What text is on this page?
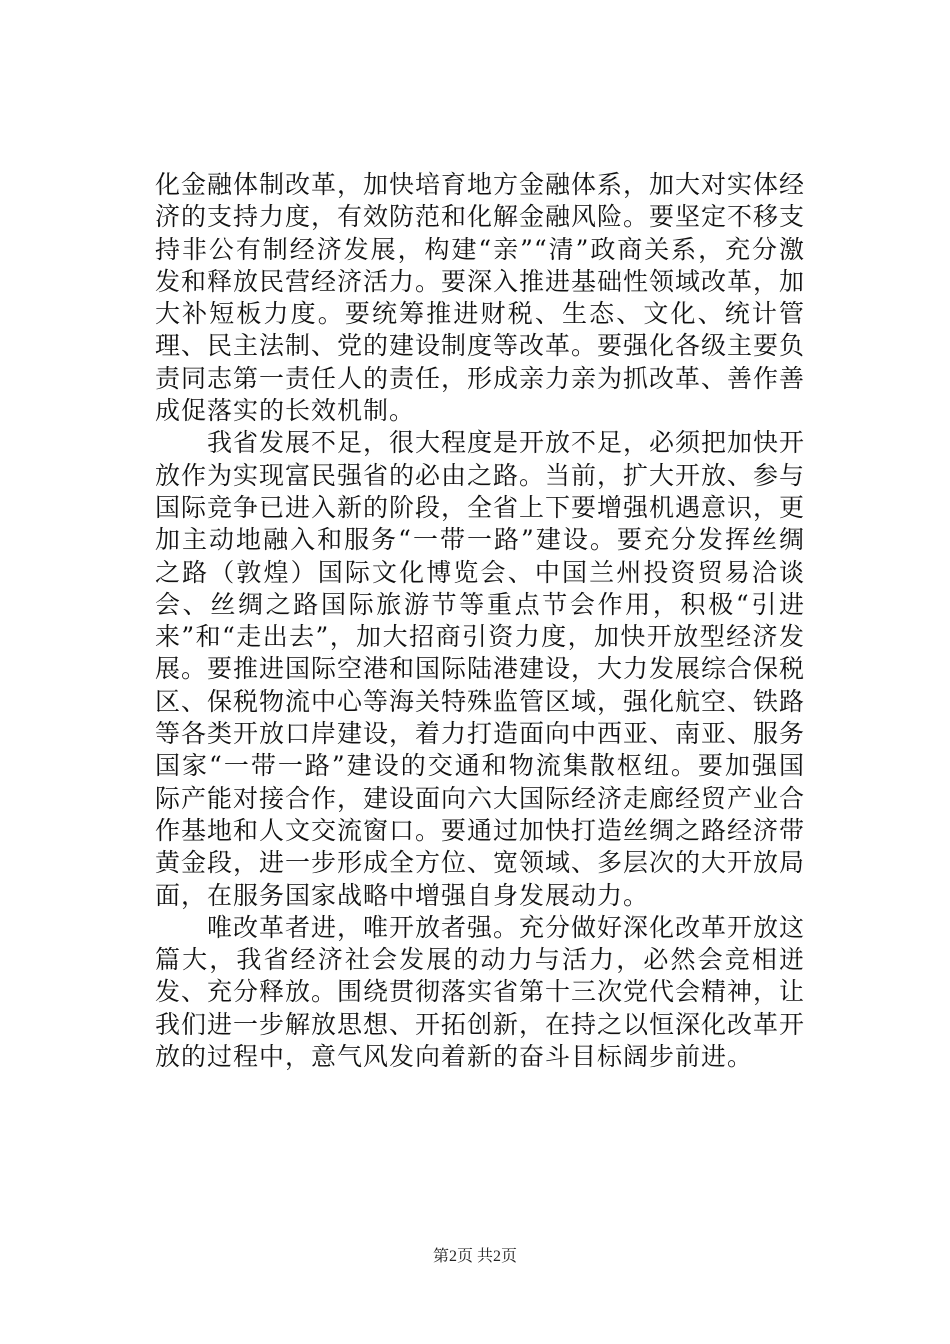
化金融体制改革，加快培育地方金融体系，加大对实体经济的支持力度，有效防范和化解金融风险。要坚定不移支持非公有制经济发展，构建“亲”“清”政商关系，充分激发和释放民营经济活力。要深入推进基础性领域改革，加大补短板力度。要统筹推进财税、生态、文化、统计管理、民主法制、党的建设制度等改革。要强化各级主要负责同志第一责任人的责任，形成亲力亲为抓改革、善作善成促落实的长效机制。

我省发展不足，很大程度是开放不足，必须把加快开放作为实现富民强省的必由之路。当前，扩大开放、参与国际竞争已进入新的阶段，全省上下要增强机遇意识，更加主动地融入和服务“一带一路”建设。要充分发挥丝绸之路（敦煌）国际文化博览会、中国兰州投资贸易洽谈会、丝绸之路国际旅游节等重点节会作用，积极“引进来”和“走出去”，加大招商引资力度，加快开放型经济发展。要推进国际空港和国际陆港建设，大力发展综合保税区、保税物流中心等海关特殊监管区域，强化航空、铁路等各类开放口岸建设，着力打造面向中西亚、南亚、服务国家“一带一路”建设的交通和物流集散枢纽。要加强国际产能对接合作，建设面向六大国际经济走廊经贸产业合作基地和人文交流窗口。要通过加快打造丝绸之路经济带黄金段，进一步形成全方位、宽领域、多层次的大开放局面，在服务国家战略中增强自身发展动力。

唯改革者进，唯开放者强。充分做好深化改革开放这篇大，我省经济社会发展的动力与活力，必然会竞相迸发、充分释放。围绕贯彻落实省第十三次党代会精神，让我们进一步解放思想、开拓创新，在持之以恒深化改革开放的过程中，意气风发向着新的奋斗目标阔步前进。

第2页 共2页
